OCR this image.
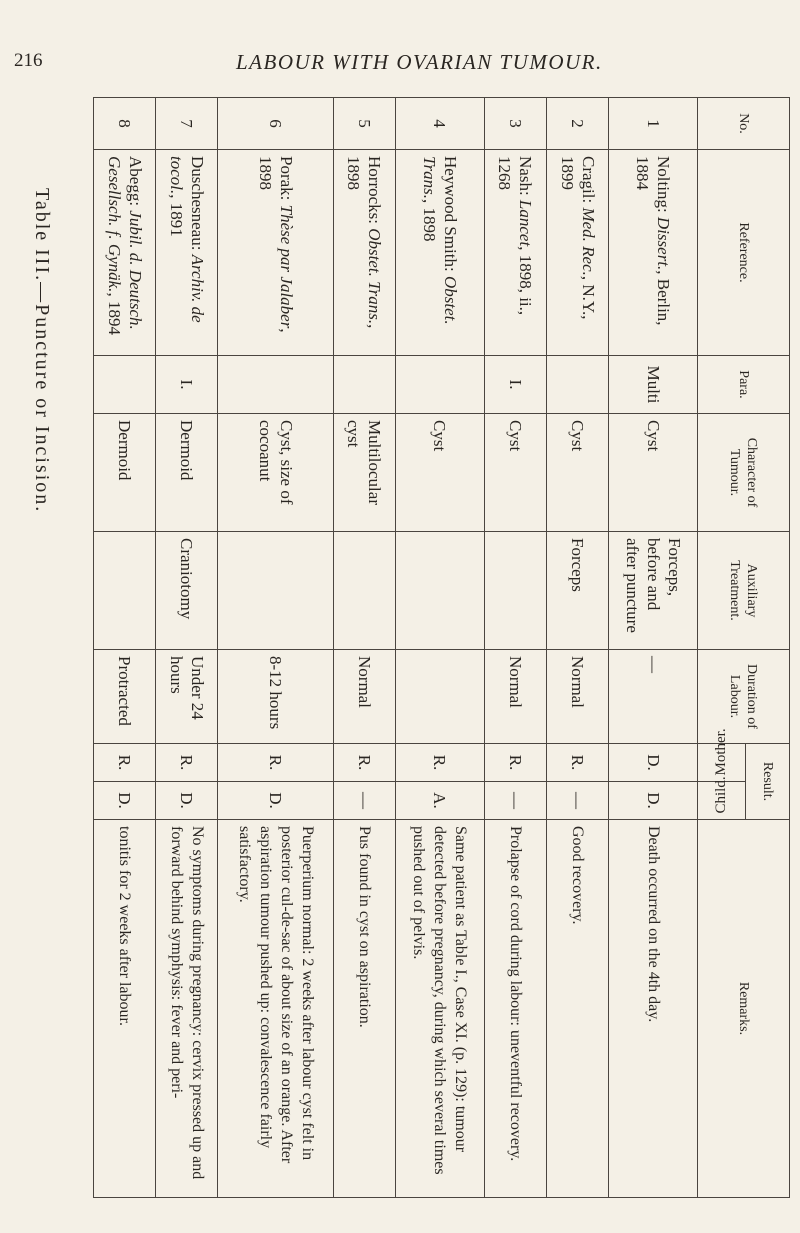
216	LABOUR WITH OVARIAN TUMOUR.
Table III.—Puncture or Incision.
No.	Reference.	Para.	Character of Tumour.	Auxiliary Treatment.	Duration of Labour.	Result.		Remarks.
						Mother.	Child.	
1	Nolting: Dissert., Berlin, 1884	Multi	Cyst	Forceps, before and after puncture	—	D.	D.	Death occurred on the 4th day.
2	Cragil: Med. Rec., N.Y., 1899		Cyst	Forceps	Normal	R.	—	Good recovery.
3	Nash: Lancet, 1898, ii., 1268	I.	Cyst		Normal	R.	—	Prolapse of cord during labour: uneventful recovery.
4	Heywood Smith: Obstet. Trans., 1898		Cyst			R.	A.	Same patient as Table I., Case XI. (p. 129): tumour detected before pregnancy, during which several times pushed out of pelvis.
5	Horrocks: Obstet. Trans., 1898		Multilocular cyst		Normal	R.	—	Pus found in cyst on aspiration.
6	Porak: Thèse par Jalaber, 1898		Cyst, size of cocoanut		8-12 hours	R.	D.	Puerperium normal: 2 weeks after labour cyst felt in posterior cul-de-sac of about size of an orange. After aspiration tumour pushed up: convalescence fairly satisfactory.
7	Duschesneau: Archiv. de tocol., 1891	I.	Dermoid	Craniotomy	Under 24 hours	R.	D.	No symptoms during pregnancy: cervix pressed up and forward behind symphysis: fever and peri-
8	Abegg: Jubil. d. Deutsch. Gesellsch. f. Gynäk., 1894		Dermoid		Protracted	R.	D.	tonitis for 2 weeks after labour.
